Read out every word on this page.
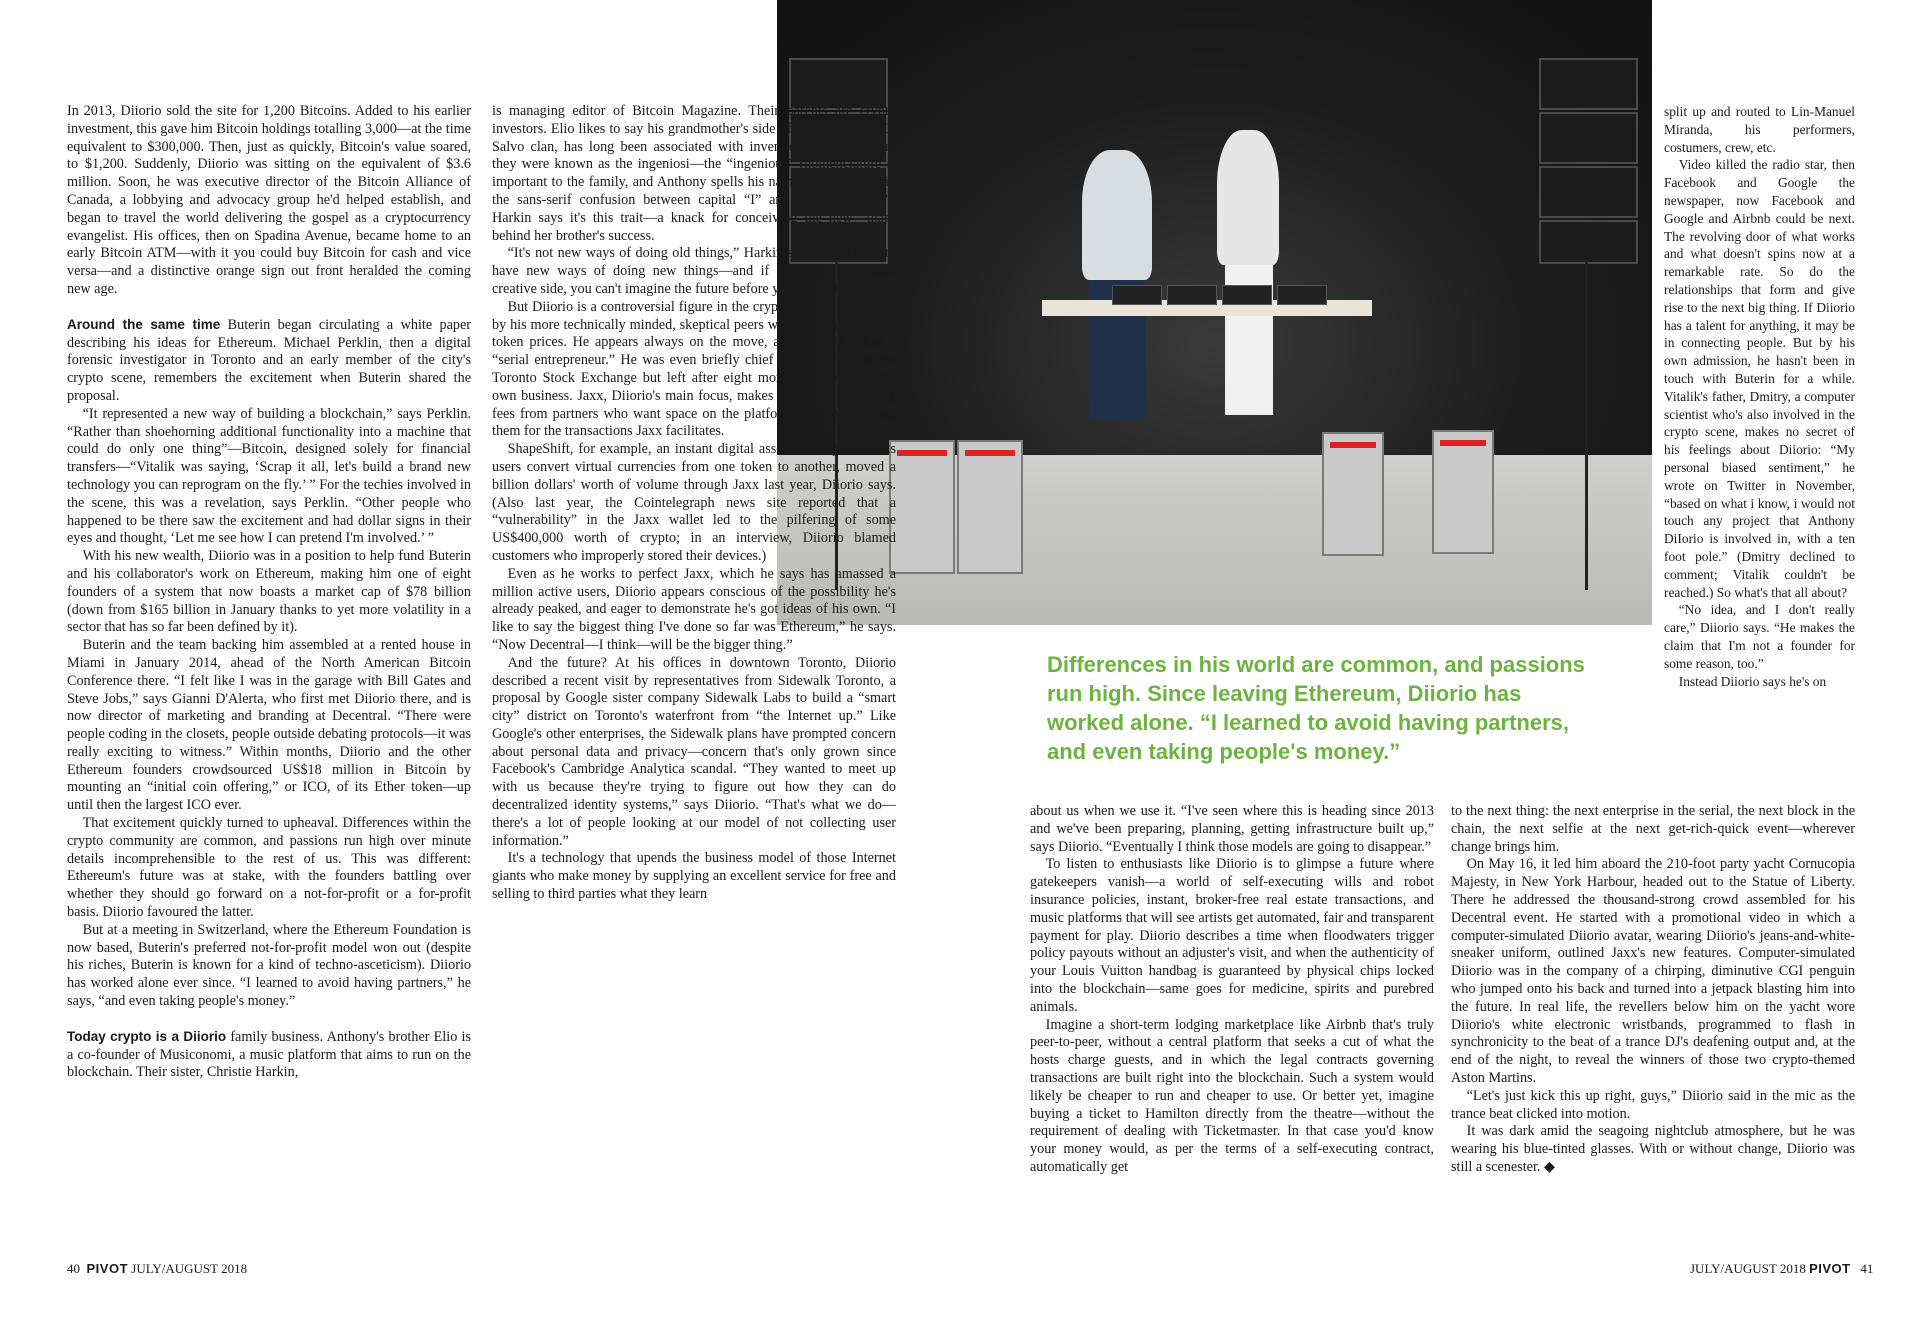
In 2013, Diiorio sold the site for 1,200 Bitcoins. Added to his earlier investment, this gave him Bitcoin holdings totalling 3,000—at the time equivalent to $300,000. Then, just as quickly, Bitcoin's value soared, to $1,200. Suddenly, Diiorio was sitting on the equivalent of $3.6 million. Soon, he was executive director of the Bitcoin Alliance of Canada, a lobbying and advocacy group he'd helped establish, and began to travel the world delivering the gospel as a cryptocurrency evangelist. His offices, then on Spadina Avenue, became home to an early Bitcoin ATM—with it you could buy Bitcoin for cash and vice versa—and a distinctive orange sign out front heralded the coming new age.

Around the same time Buterin began circulating a white paper describing his ideas for Ethereum. Michael Perklin, then a digital forensic investigator in Toronto and an early member of the city's crypto scene, remembers the excitement when Buterin shared the proposal.

“It represented a new way of building a blockchain,” says Perklin. “Rather than shoehorning additional functionality into a machine that could do only one thing”—Bitcoin, designed solely for financial transfers—“Vitalik was saying, ‘Scrap it all, let's build a brand new technology you can reprogram on the fly.’ ” For the techies involved in the scene, this was a revelation, says Perklin. “Other people who happened to be there saw the excitement and had dollar signs in their eyes and thought, ‘Let me see how I can pretend I'm involved.’ ”

With his new wealth, Diiorio was in a position to help fund Buterin and his collaborator's work on Ethereum, making him one of eight founders of a system that now boasts a market cap of $78 billion (down from $165 billion in January thanks to yet more volatility in a sector that has so far been defined by it).

Buterin and the team backing him assembled at a rented house in Miami in January 2014, ahead of the North American Bitcoin Conference there. “I felt like I was in the garage with Bill Gates and Steve Jobs,” says Gianni D'Alerta, who first met Diiorio there, and is now director of marketing and branding at Decentral. “There were people coding in the closets, people outside debating protocols—it was really exciting to witness.” Within months, Diiorio and the other Ethereum founders crowdsourced US$18 million in Bitcoin by mounting an “initial coin offering,” or ICO, of its Ether token—up until then the largest ICO ever.

That excitement quickly turned to upheaval. Differences within the crypto community are common, and passions run high over minute details incomprehensible to the rest of us. This was different: Ethereum's future was at stake, with the founders battling over whether they should go forward on a not-for-profit or a for-profit basis. Diiorio favoured the latter.

But at a meeting in Switzerland, where the Ethereum Foundation is now based, Buterin's preferred not-for-profit model won out (despite his riches, Buterin is known for a kind of techno-asceticism). Diiorio has worked alone ever since. “I learned to avoid having partners,” he says, “and even taking people's money.”

Today crypto is a Diiorio family business. Anthony's brother Elio is a co-founder of Musiconomi, a music platform that aims to run on the blockchain. Their sister, Christie Harkin,

is managing editor of Bitcoin Magazine. Their parents are crypto investors. Elio likes to say his grandmother's side of the family, the Di Salvo clan, has long been associated with invention in Italy, where they were known as the ingeniosi—the “ingenious” (nomenclature is important to the family, and Anthony spells his name Diiorio to avoid the sans-serif confusion between capital “I” and lower-case “L”). Harkin says it's this trait—a knack for conceiving the new—that's behind her brother's success.

“It's not new ways of doing old things,” Harkin says. “You have to have new ways of doing new things—and if you don't have that creative side, you can't imagine the future before you build it.”

But Diiorio is a controversial figure in the crypto sphere, associated by his more technically minded, skeptical peers with hype and inflated token prices. He appears always on the move, and is often called a “serial entrepreneur.” He was even briefly chief digital officer at the Toronto Stock Exchange but left after eight months to focus on his own business. Jaxx, Diiorio's main focus, makes money by collecting fees from partners who want space on the platform, and by charging them for the transactions Jaxx facilitates.

ShapeShift, for example, an instant digital asset exchange that lets users convert virtual currencies from one token to another, moved a billion dollars' worth of volume through Jaxx last year, Diiorio says. (Also last year, the Cointelegraph news site reported that a “vulnerability” in the Jaxx wallet led to the pilfering of some US$400,000 worth of crypto; in an interview, Diiorio blamed customers who improperly stored their devices.)

Even as he works to perfect Jaxx, which he says has amassed a million active users, Diiorio appears conscious of the possibility he's already peaked, and eager to demonstrate he's got ideas of his own. “I like to say the biggest thing I've done so far was Ethereum,” he says. “Now Decentral—I think—will be the bigger thing.”

And the future? At his offices in downtown Toronto, Diiorio described a recent visit by representatives from Sidewalk Toronto, a proposal by Google sister company Sidewalk Labs to build a “smart city” district on Toronto's waterfront from “the Internet up.” Like Google's other enterprises, the Sidewalk plans have prompted concern about personal data and privacy—concern that's only grown since Facebook's Cambridge Analytica scandal. “They wanted to meet up with us because they're trying to figure out how they can do decentralized identity systems,” says Diiorio. “That's what we do—there's a lot of people looking at our model of not collecting user information.”

It's a technology that upends the business model of those Internet giants who make money by supplying an excellent service for free and selling to third parties what they learn

Differences in his world are common, and passions run high. Since leaving Ethereum, Diiorio has worked alone. “I learned to avoid having partners, and even taking people's money.”

about us when we use it. “I've seen where this is heading since 2013 and we've been preparing, planning, getting infrastructure built up,” says Diiorio. “Eventually I think those models are going to disappear.”

To listen to enthusiasts like Diiorio is to glimpse a future where gatekeepers vanish—a world of self-executing wills and robot insurance policies, instant, broker-free real estate transactions, and music platforms that will see artists get automated, fair and transparent payment for play. Diiorio describes a time when floodwaters trigger policy payouts without an adjuster's visit, and when the authenticity of your Louis Vuitton handbag is guaranteed by physical chips locked into the blockchain—same goes for medicine, spirits and purebred animals.

Imagine a short-term lodging marketplace like Airbnb that's truly peer-to-peer, without a central platform that seeks a cut of what the hosts charge guests, and in which the legal contracts governing transactions are built right into the blockchain. Such a system would likely be cheaper to run and cheaper to use. Or better yet, imagine buying a ticket to Hamilton directly from the theatre—without the requirement of dealing with Ticketmaster. In that case you'd know your money would, as per the terms of a self-executing contract, automatically get

to the next thing: the next enterprise in the serial, the next block in the chain, the next selfie at the next get-rich-quick event—wherever change brings him.

On May 16, it led him aboard the 210-foot party yacht Cornucopia Majesty, in New York Harbour, headed out to the Statue of Liberty. There he addressed the thousand-strong crowd assembled for his Decentral event. He started with a promotional video in which a computer-simulated Diiorio avatar, wearing Diiorio's jeans-and-white-sneaker uniform, outlined Jaxx's new features. Computer-simulated Diiorio was in the company of a chirping, diminutive CGI penguin who jumped onto his back and turned into a jetpack blasting him into the future. In real life, the revellers below him on the yacht wore Diiorio's white electronic wristbands, programmed to flash in synchronicity to the beat of a trance DJ's deafening output and, at the end of the night, to reveal the winners of those two crypto-themed Aston Martins.

“Let's just kick this up right, guys,” Diiorio said in the mic as the trance beat clicked into motion.

It was dark amid the seagoing nightclub atmosphere, but he was wearing his blue-tinted glasses. With or without change, Diiorio was still a scenester. ◆

split up and routed to Lin-Manuel Miranda, his performers, costumers, crew, etc.

Video killed the radio star, then Facebook and Google the newspaper, now Facebook and Google and Airbnb could be next. The revolving door of what works and what doesn't spins now at a remarkable rate. So do the relationships that form and give rise to the next big thing. If Diiorio has a talent for anything, it may be in connecting people. But by his own admission, he hasn't been in touch with Buterin for a while. Vitalik's father, Dmitry, a computer scientist who's also involved in the crypto scene, makes no secret of his feelings about Diiorio: “My personal biased sentiment,” he wrote on Twitter in November, “based on what i know, i would not touch any project that Anthony DiIorio is involved in, with a ten foot pole.” (Dmitry declined to comment; Vitalik couldn't be reached.) So what's that all about?

“No idea, and I don't really care,” Diiorio says. “He makes the claim that I'm not a founder for some reason, too.”

Instead Diiorio says he's on

40 PIVOT JULY/AUGUST 2018	JULY/AUGUST 2018 PIVOT 41
